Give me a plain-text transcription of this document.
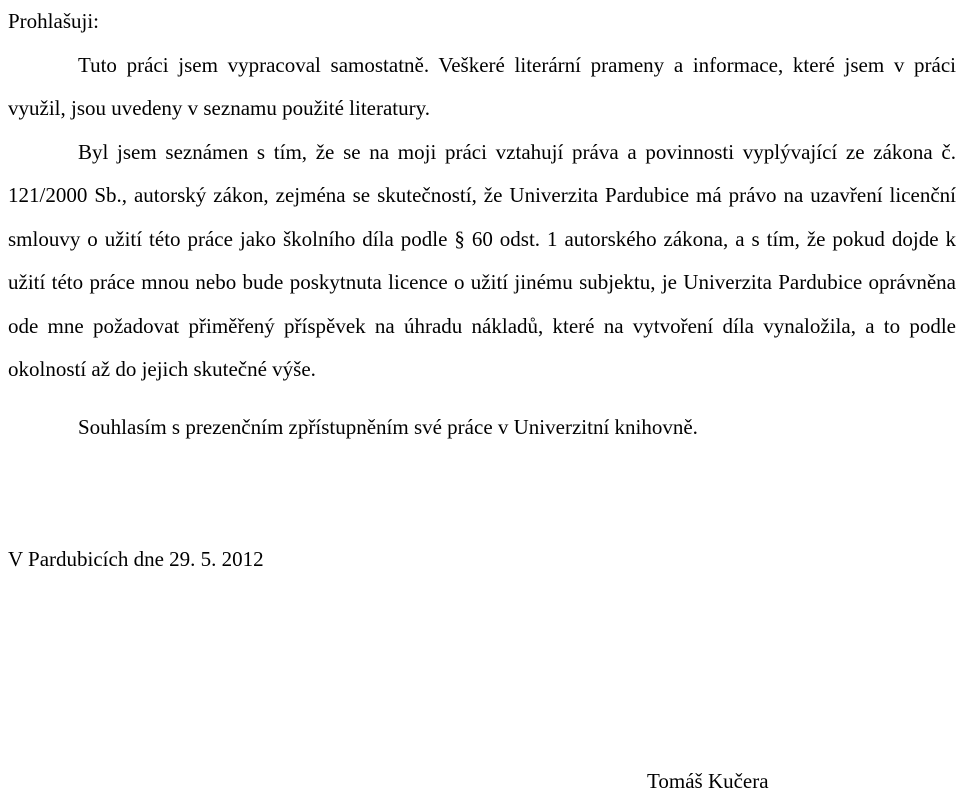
Prohlašuji:

Tuto práci jsem vypracoval samostatně. Veškeré literární prameny a informace, které jsem v práci využil, jsou uvedeny v seznamu použité literatury.

Byl jsem seznámen s tím, že se na moji práci vztahují práva a povinnosti vyplývající ze zákona č. 121/2000 Sb., autorský zákon, zejména se skutečností, že Univerzita Pardubice má právo na uzavření licenční smlouvy o užití této práce jako školního díla podle § 60 odst. 1 autorského zákona, a s tím, že pokud dojde k užití této práce mnou nebo bude poskytnuta licence o užití jinému subjektu, je Univerzita Pardubice oprávněna ode mne požadovat přiměřený příspěvek na úhradu nákladů, které na vytvoření díla vynaložila, a to podle okolností až do jejich skutečné výše.

Souhlasím s prezenčním zpřístupněním své práce v Univerzitní knihovně.

V Pardubicích dne 29. 5. 2012

Tomáš Kučera
